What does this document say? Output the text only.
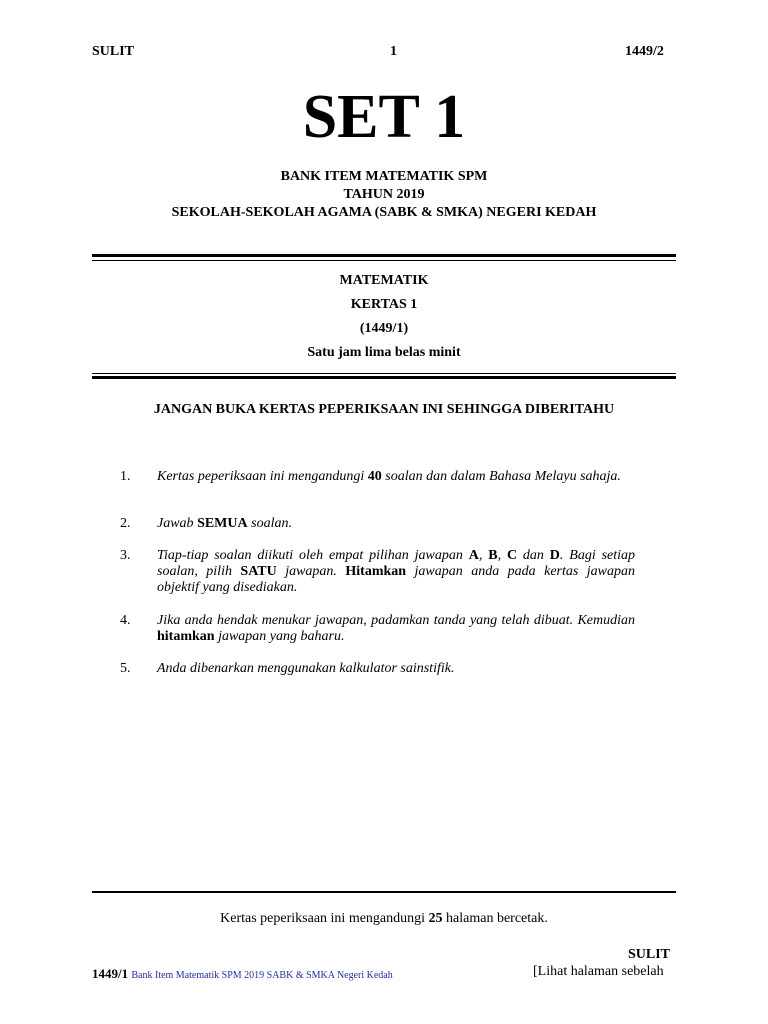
SULIT	1	1449/2
SET 1
BANK ITEM MATEMATIK SPM
TAHUN 2019
SEKOLAH-SEKOLAH AGAMA (SABK & SMKA) NEGERI KEDAH
MATEMATIK
KERTAS 1
(1449/1)
Satu jam lima belas minit
JANGAN BUKA KERTAS PEPERIKSAAN INI SEHINGGA DIBERITAHU
1.	Kertas peperiksaan ini mengandungi 40 soalan dan dalam Bahasa Melayu sahaja.
2.	Jawab SEMUA soalan.
3.	Tiap-tiap soalan diikuti oleh empat pilihan jawapan A, B, C dan D. Bagi setiap soalan, pilih SATU jawapan. Hitamkan jawapan anda pada kertas jawapan objektif yang disediakan.
4.	Jika anda hendak menukar jawapan, padamkan tanda yang telah dibuat. Kemudian hitamkan jawapan yang baharu.
5.	Anda dibenarkan menggunakan kalkulator sainstifik.
Kertas peperiksaan ini mengandungi 25 halaman bercetak.
SULIT
1449/1 Bank Item Matematik SPM 2019 SABK & SMKA Negeri Kedah	[Lihat halaman sebelah
